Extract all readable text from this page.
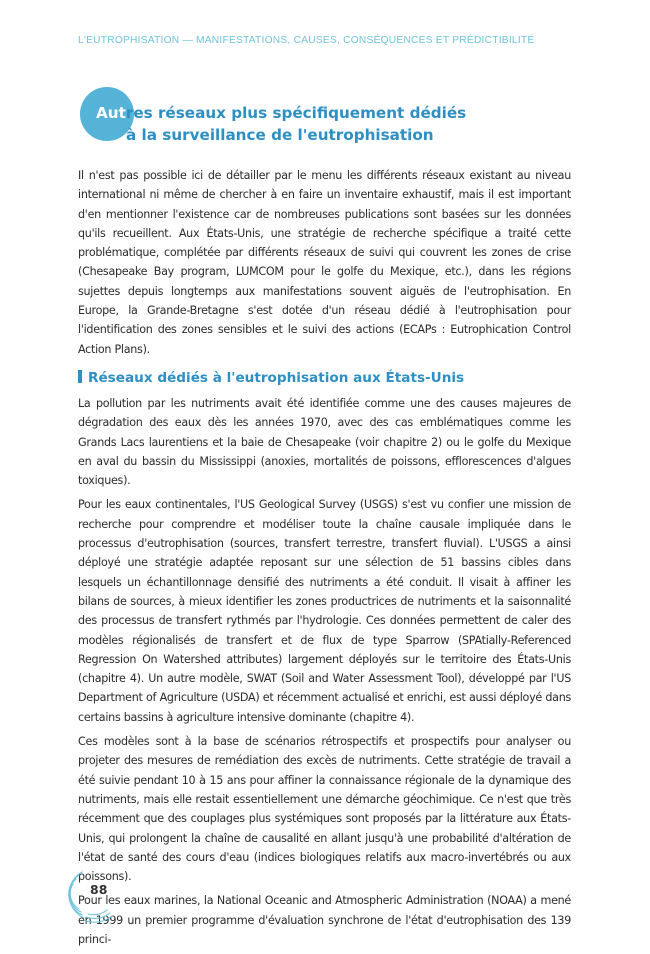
L'EUTROPHISATION — MANIFESTATIONS, CAUSES, CONSÉQUENCES ET PRÉDICTIBILITÉ
Autres réseaux plus spécifiquement dédiés
à la surveillance de l'eutrophisation

Il n'est pas possible ici de détailler par le menu les différents réseaux existant au niveau international ni même de chercher à en faire un inventaire exhaustif, mais il est important d'en mentionner l'existence car de nombreuses publications sont basées sur les données qu'ils recueillent. Aux États-Unis, une stratégie de recherche spécifique a traité cette problématique, complétée par différents réseaux de suivi qui couvrent les zones de crise (Chesapeake Bay program, LUMCOM pour le golfe du Mexique, etc.), dans les régions sujettes depuis longtemps aux manifestations souvent aiguës de l'eutrophisation. En Europe, la Grande-Bretagne s'est dotée d'un réseau dédié à l'eutrophisation pour l'identification des zones sensibles et le suivi des actions (ECAPs : Eutrophication Control Action Plans).

Réseaux dédiés à l'eutrophisation aux États-Unis

La pollution par les nutriments avait été identifiée comme une des causes majeures de dégradation des eaux dès les années 1970, avec des cas emblématiques comme les Grands Lacs laurentiens et la baie de Chesapeake (voir chapitre 2) ou le golfe du Mexique en aval du bassin du Mississippi (anoxies, mortalités de poissons, efflorescences d'algues toxiques).

Pour les eaux continentales, l'US Geological Survey (USGS) s'est vu confier une mission de recherche pour comprendre et modéliser toute la chaîne causale impliquée dans le processus d'eutrophisation (sources, transfert terrestre, transfert fluvial). L'USGS a ainsi déployé une stratégie adaptée reposant sur une sélection de 51 bassins cibles dans lesquels un échantillonnage densifié des nutriments a été conduit. Il visait à affiner les bilans de sources, à mieux identifier les zones productrices de nutriments et la saisonnalité des processus de transfert rythmés par l'hydrologie. Ces données permettent de caler des modèles régionalisés de transfert et de flux de type Sparrow (SPAtially-Referenced Regression On Watershed attributes) largement déployés sur le territoire des États-Unis (chapitre 4). Un autre modèle, SWAT (Soil and Water Assessment Tool), développé par l'US Department of Agriculture (USDA) et récemment actualisé et enrichi, est aussi déployé dans certains bassins à agriculture intensive dominante (chapitre 4).

Ces modèles sont à la base de scénarios rétrospectifs et prospectifs pour analyser ou projeter des mesures de remédiation des excès de nutriments. Cette stratégie de travail a été suivie pendant 10 à 15 ans pour affiner la connaissance régionale de la dynamique des nutriments, mais elle restait essentiellement une démarche géochimique. Ce n'est que très récemment que des couplages plus systémiques sont proposés par la littérature aux États-Unis, qui prolongent la chaîne de causalité en allant jusqu'à une probabilité d'altération de l'état de santé des cours d'eau (indices biologiques relatifs aux macro-invertébrés ou aux poissons).

Pour les eaux marines, la National Oceanic and Atmospheric Administration (NOAA) a mené en 1999 un premier programme d'évaluation synchrone de l'état d'eutrophisation des 139 princi-

88
